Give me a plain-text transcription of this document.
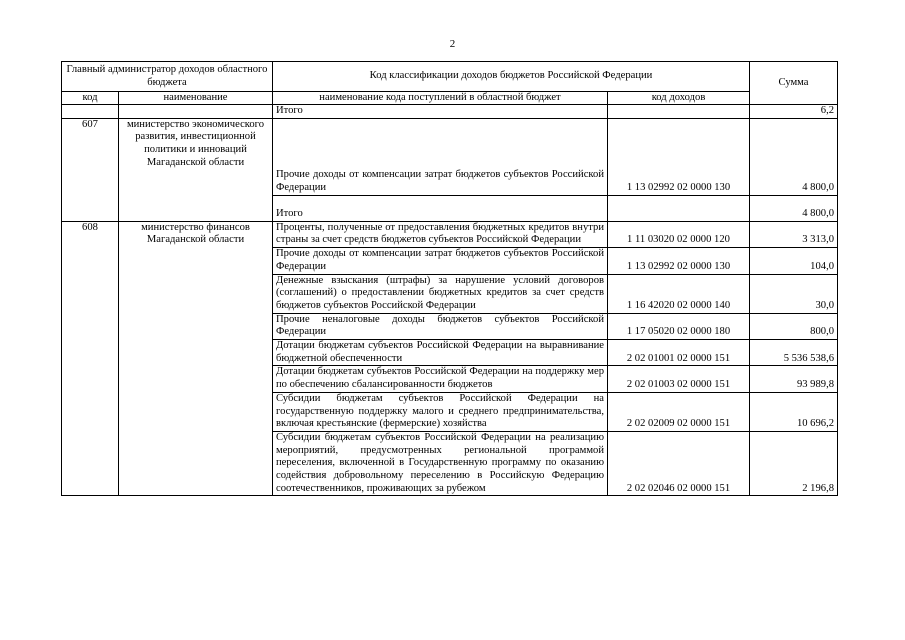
2
Главный администратор доходов областного бюджета		Код классификации доходов бюджетов Российской Федерации		Сумма
код	наименование	наименование кода поступлений в областной бюджет	код доходов	
		Итого		6,2
607	министерство экономического развития, инвестиционной политики и инноваций Магаданской области	Прочие доходы от компенсации затрат бюджетов субъектов Российской Федерации	1 13 02992 02 0000 130	4 800,0
		Итого		4 800,0
608	министерство финансов Магаданской области	Проценты, полученные от предоставления бюджетных кредитов внутри страны за счет средств бюджетов субъектов Российской Федерации	1 11 03020 02 0000 120	3 313,0
		Прочие доходы от компенсации затрат бюджетов субъектов Российской Федерации	1 13 02992 02 0000 130	104,0
		Денежные взыскания (штрафы) за нарушение условий договоров (соглашений) о предоставлении бюджетных кредитов за счет средств бюджетов субъектов Российской Федерации	1 16 42020 02 0000 140	30,0
		Прочие неналоговые доходы бюджетов субъектов Российской Федерации	1 17 05020 02 0000 180	800,0
		Дотации бюджетам субъектов Российской Федерации на выравнивание бюджетной обеспеченности	2 02 01001 02 0000 151	5 536 538,6
		Дотации бюджетам субъектов Российской Федерации на поддержку мер по обеспечению сбалансированности бюджетов	2 02 01003 02 0000 151	93 989,8
		Субсидии бюджетам субъектов Российской Федерации на государственную поддержку малого и среднего предпринимательства, включая крестьянские (фермерские) хозяйства	2 02 02009 02 0000 151	10 696,2
		Субсидии бюджетам субъектов Российской Федерации на реализацию мероприятий, предусмотренных региональной программой переселения, включенной в Государственную программу по оказанию содействия добровольному переселению в Российскую Федерацию соотечественников, проживающих за рубежом	2 02 02046 02 0000 151	2 196,8
